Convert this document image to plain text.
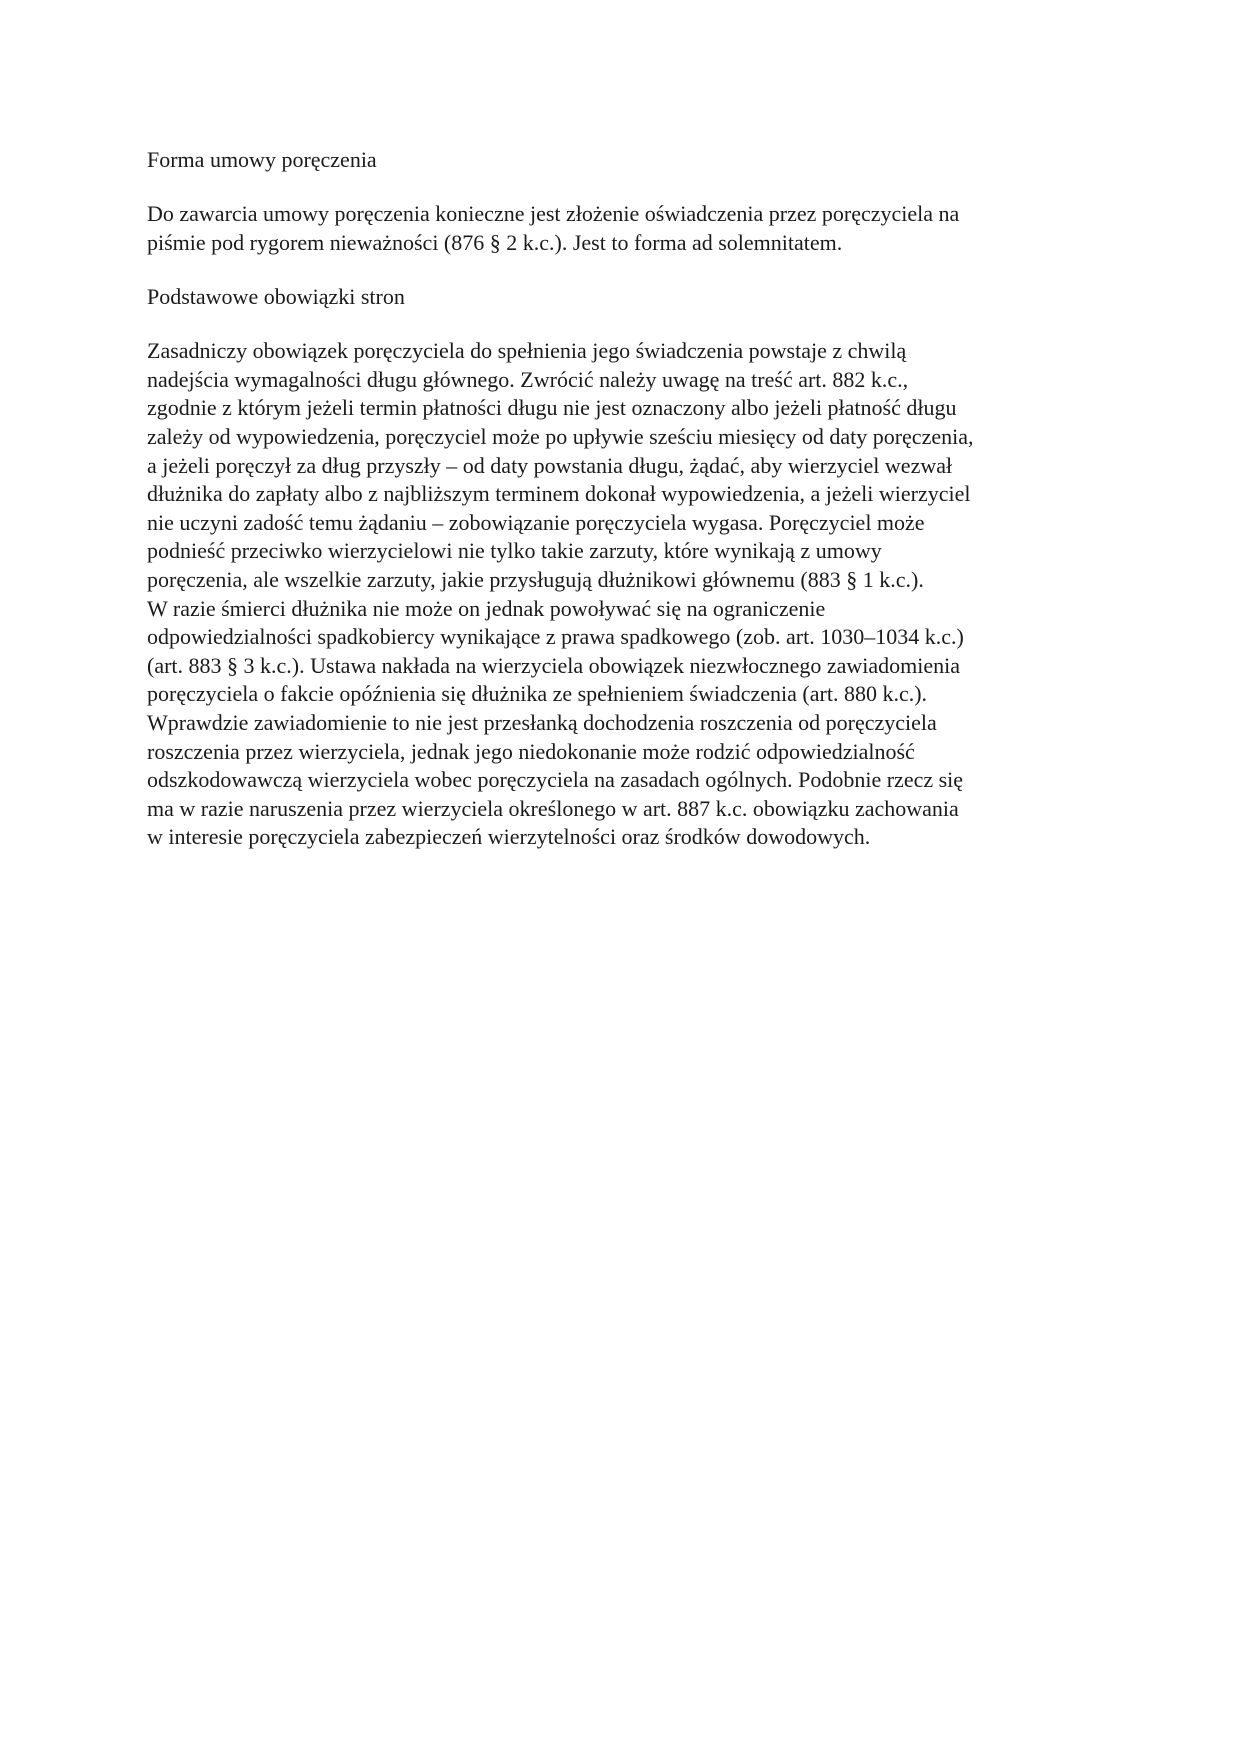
Forma umowy poręczenia
Do zawarcia umowy poręczenia konieczne jest złożenie oświadczenia przez poręczyciela na
piśmie pod rygorem nieważności (876 § 2 k.c.). Jest to forma ad solemnitatem.
Podstawowe obowiązki stron
Zasadniczy obowiązek poręczyciela do spełnienia jego świadczenia powstaje z chwilą
nadejścia wymagalności długu głównego. Zwrócić należy uwagę na treść art. 882 k.c.,
zgodnie z którym jeżeli termin płatności długu nie jest oznaczony albo jeżeli płatność długu
zależy od wypowiedzenia, poręczyciel może po upływie sześciu miesięcy od daty poręczenia,
a jeżeli poręczył za dług przyszły – od daty powstania długu, żądać, aby wierzyciel wezwał
dłużnika do zapłaty albo z najbliższym terminem dokonał wypowiedzenia, a jeżeli wierzyciel
nie uczyni zadość temu żądaniu – zobowiązanie poręczyciela wygasa. Poręczyciel może
podnieść przeciwko wierzycielowi nie tylko takie zarzuty, które wynikają z umowy
poręczenia, ale wszelkie zarzuty, jakie przysługują dłużnikowi głównemu (883 § 1 k.c.).
W razie śmierci dłużnika nie może on jednak powoływać się na ograniczenie
odpowiedzialności spadkobiercy wynikające z prawa spadkowego (zob. art. 1030–1034 k.c.)
(art. 883 § 3 k.c.). Ustawa nakłada na wierzyciela obowiązek niezwłocznego zawiadomienia
poręczyciela o fakcie opóźnienia się dłużnika ze spełnieniem świadczenia (art. 880 k.c.).
Wprawdzie zawiadomienie to nie jest przesłanką dochodzenia roszczenia od poręczyciela
roszczenia przez wierzyciela, jednak jego niedokonanie może rodzić odpowiedzialność
odszkodowawczą wierzyciela wobec poręczyciela na zasadach ogólnych. Podobnie rzecz się
ma w razie naruszenia przez wierzyciela określonego w art. 887 k.c. obowiązku zachowania
w interesie poręczyciela zabezpieczeń wierzytelności oraz środków dowodowych.
